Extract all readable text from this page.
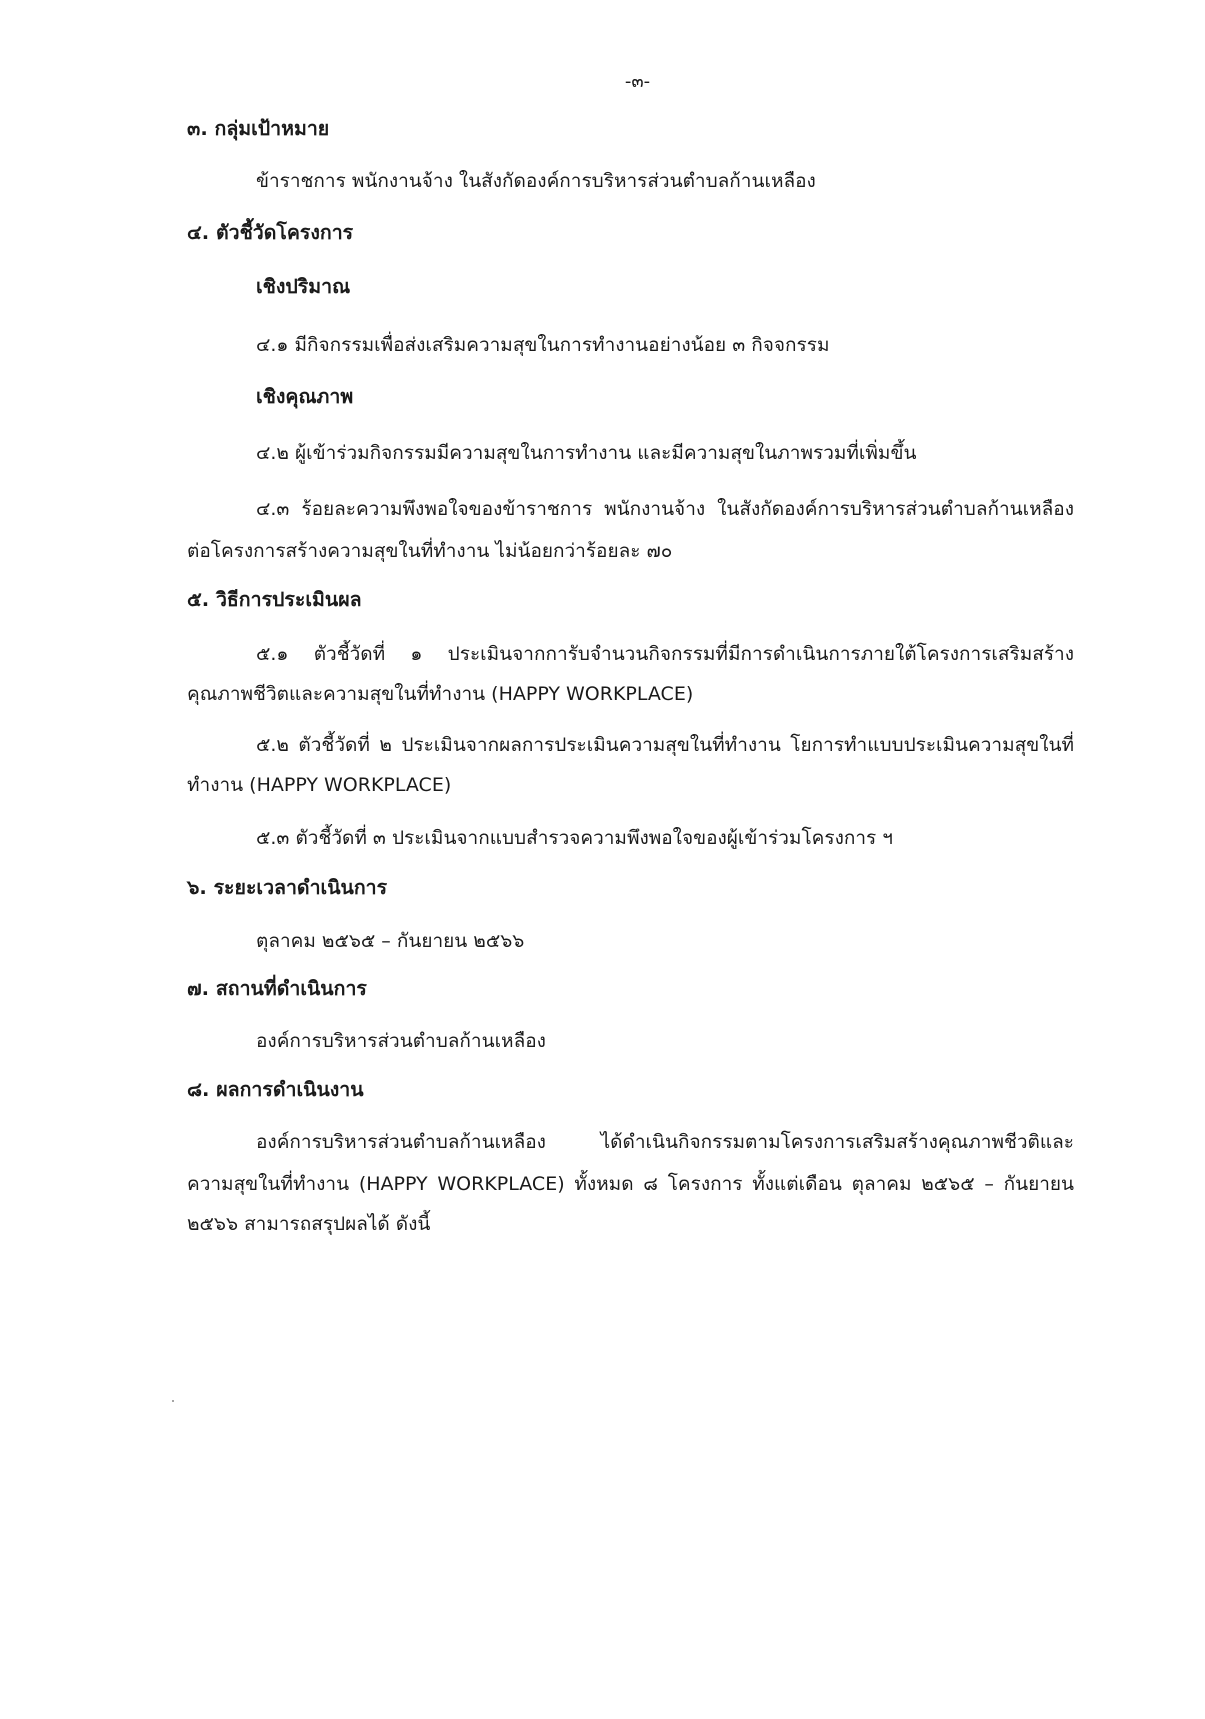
-๓-
๓. กลุ่มเป้าหมาย
ข้าราชการ พนักงานจ้าง ในสังกัดองค์การบริหารส่วนตำบลก้านเหลือง
๔. ตัวชี้วัดโครงการ
เชิงปริมาณ
๔.๑ มีกิจกรรมเพื่อส่งเสริมความสุขในการทำงานอย่างน้อย ๓ กิจจกรรม
เชิงคุณภาพ
๔.๒ ผู้เข้าร่วมกิจกรรมมีความสุขในการทำงาน และมีความสุขในภาพรวมที่เพิ่มขึ้น
๔.๓ ร้อยละความพึงพอใจของข้าราชการ พนักงานจ้าง ในสังกัดองค์การบริหารส่วนตำบลก้านเหลือง
ต่อโครงการสร้างความสุขในที่ทำงาน ไม่น้อยกว่าร้อยละ ๗๐
๕. วิธีการประเมินผล
๕.๑ ตัวชี้วัดที่ ๑ ประเมินจากการับจำนวนกิจกรรมที่มีการดำเนินการภายใต้โครงการเสริมสร้าง
คุณภาพชีวิตและความสุขในที่ทำงาน (HAPPY WORKPLACE)
๕.๒ ตัวชี้วัดที่ ๒ ประเมินจากผลการประเมินความสุขในที่ทำงาน โยการทำแบบประเมินความสุขในที่
ทำงาน (HAPPY WORKPLACE)
๕.๓ ตัวชี้วัดที่ ๓ ประเมินจากแบบสำรวจความพึงพอใจของผู้เข้าร่วมโครงการ ฯ
๖. ระยะเวลาดำเนินการ
ตุลาคม ๒๕๖๕ – กันยายน ๒๕๖๖
๗. สถานที่ดำเนินการ
องค์การบริหารส่วนตำบลก้านเหลือง
๘. ผลการดำเนินงาน
องค์การบริหารส่วนตำบลก้านเหลือง ได้ดำเนินกิจกรรมตามโครงการเสริมสร้างคุณภาพชีวติและ
ความสุขในที่ทำงาน (HAPPY WORKPLACE) ทั้งหมด ๘ โครงการ ทั้งแต่เดือน ตุลาคม ๒๕๖๕ – กันยายน
๒๕๖๖ สามารถสรุปผลได้ ดังนี้
